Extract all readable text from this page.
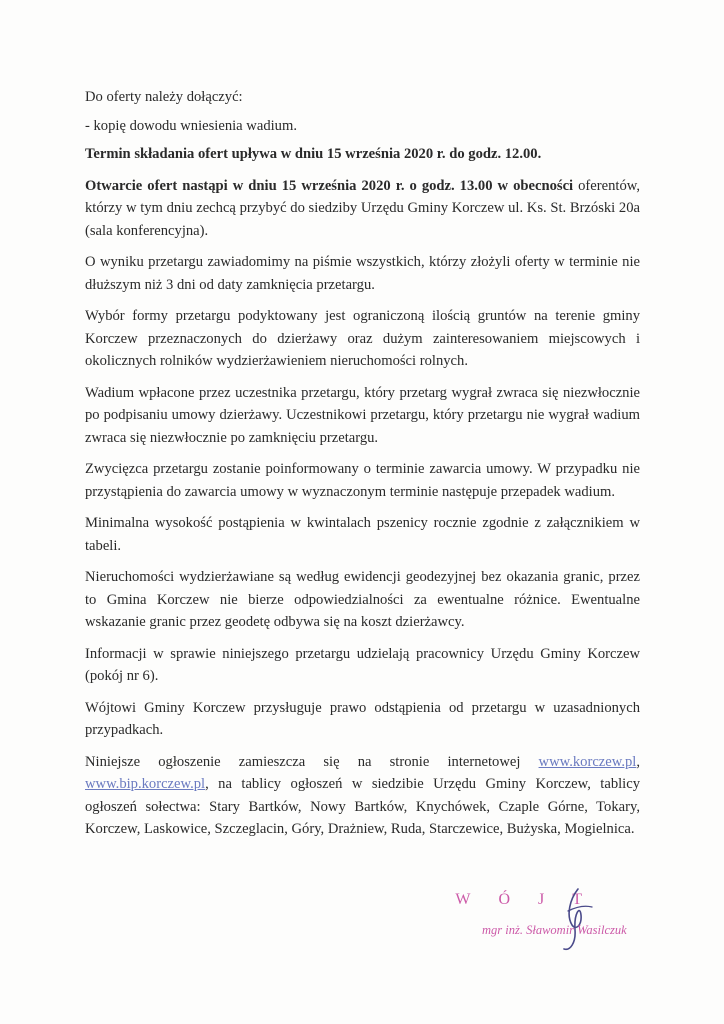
Do oferty należy dołączyć:

- kopię dowodu wniesienia wadium.

Termin składania ofert upływa w dniu 15 września 2020 r. do godz. 12.00.

Otwarcie ofert nastąpi w dniu 15 września 2020 r. o godz. 13.00 w obecności oferentów, którzy w tym dniu zechcą przybyć do siedziby Urzędu Gminy Korczew ul. Ks. St. Brzóski 20a (sala konferencyjna).

O wyniku przetargu zawiadomimy na piśmie wszystkich, którzy złożyli oferty w terminie nie dłuższym niż 3 dni od daty zamknięcia przetargu.

Wybór formy przetargu podyktowany jest ograniczoną ilością gruntów na terenie gminy Korczew przeznaczonych do dzierżawy oraz dużym zainteresowaniem miejscowych i okolicznych rolników wydzierżawieniem nieruchomości rolnych.

Wadium wpłacone przez uczestnika przetargu, który przetarg wygrał zwraca się niezwłocznie po podpisaniu umowy dzierżawy. Uczestnikowi przetargu, który przetargu nie wygrał wadium zwraca się niezwłocznie po zamknięciu przetargu.

Zwycięzca przetargu zostanie poinformowany o terminie zawarcia umowy. W przypadku nie przystąpienia do zawarcia umowy w wyznaczonym terminie następuje przepadek wadium.

Minimalna wysokość postąpienia w kwintalach pszenicy rocznie zgodnie z załącznikiem w tabeli.

Nieruchomości wydzierżawiane są według ewidencji geodezyjnej bez okazania granic, przez to Gmina Korczew nie bierze odpowiedzialności za ewentualne różnice. Ewentualne wskazanie granic przez geodetę odbywa się na koszt dzierżawcy.

Informacji w sprawie niniejszego przetargu udzielają pracownicy Urzędu Gminy Korczew (pokój nr 6).

Wójtowi Gminy Korczew przysługuje prawo odstąpienia od przetargu w uzasadnionych przypadkach.

Niniejsze ogłoszenie zamieszcza się na stronie internetowej www.korczew.pl, www.bip.korczew.pl, na tablicy ogłoszeń w siedzibie Urzędu Gminy Korczew, tablicy ogłoszeń sołectwa: Stary Bartków, Nowy Bartków, Knychówek, Czaple Górne, Tokary, Korczew, Laskowice, Szczeglacin, Góry, Drażniew, Ruda, Starczewice, Bużyska, Mogielnica.

WÓJT
mgr inż. Sławomir Wasilczuk
